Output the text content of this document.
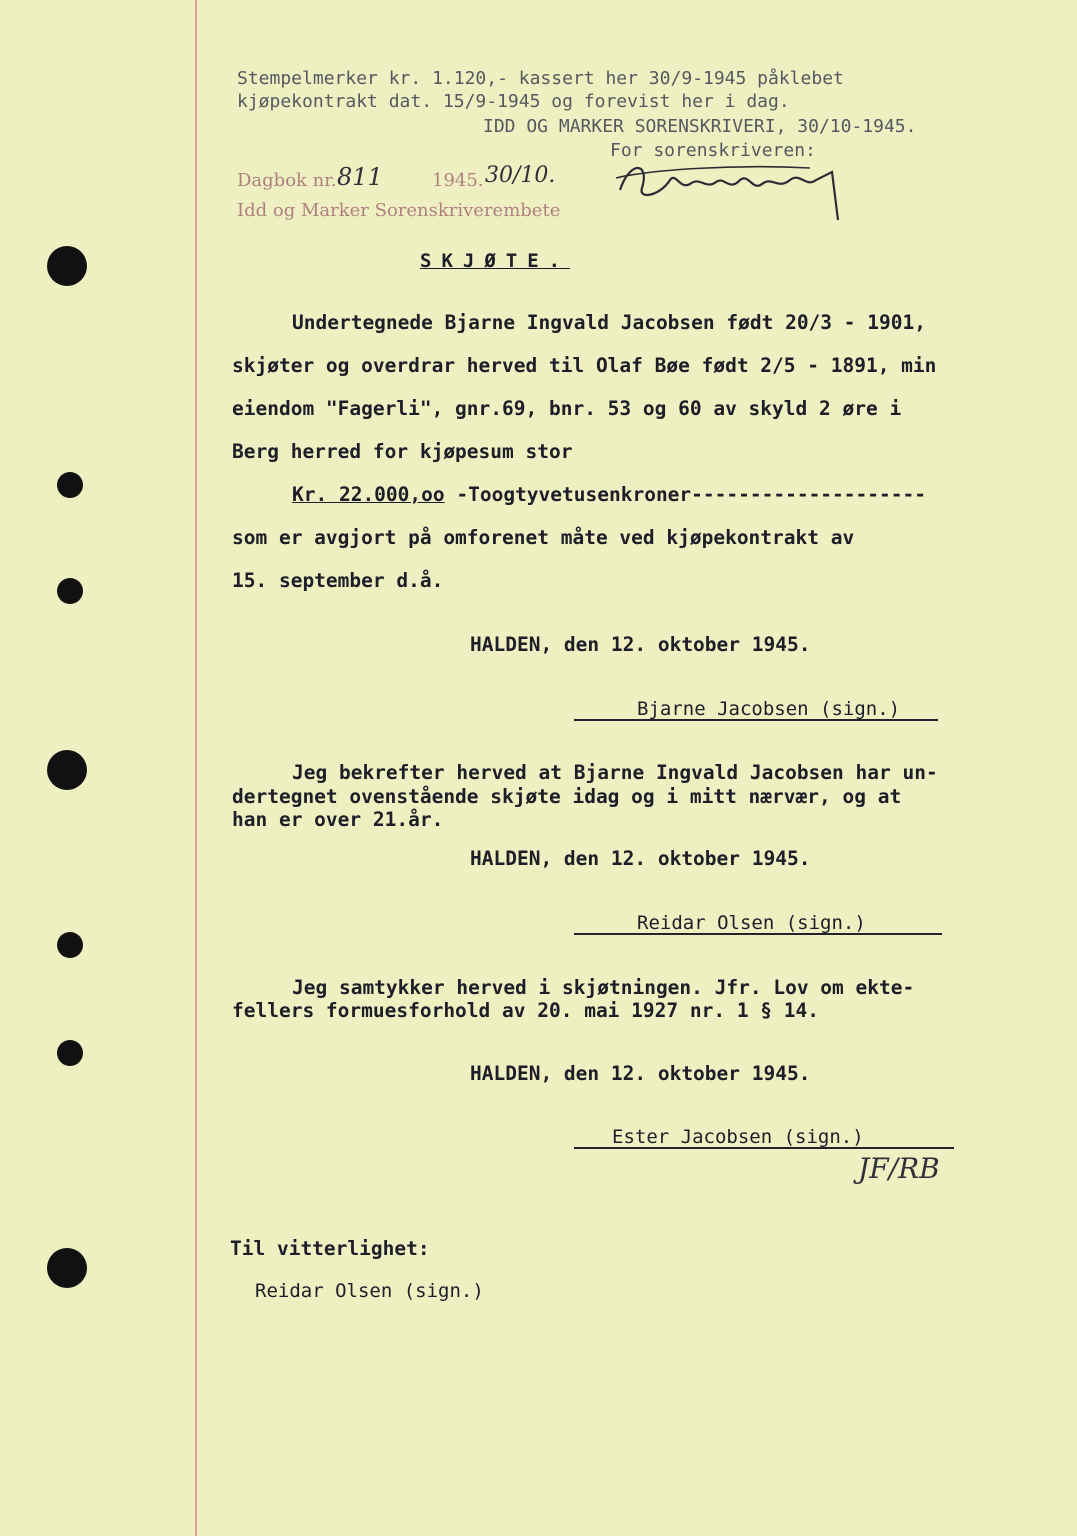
Stempelmerker kr. 1.120,- kassert her 30/9-1945 påklebet
kjøpekontrakt dat. 15/9-1945 og forevist her i dag.
IDD OG MARKER SORENSKRIVERI, 30/10-1945.
For sorenskriveren:
Dagbok nr. 811	1945. 30/10.
Idd og Marker Sorenskriverembete
SKJØTE.
Undertegnede Bjarne Ingvald Jacobsen født 20/3 - 1901,
skjøter og overdrar herved til Olaf Bøe født 2/5 - 1891, min
eiendom "Fagerli", gnr.69, bnr. 53 og 60 av skyld 2 øre i
Berg herred for kjøpesum stor
Kr. 22.000,oo -Toogtyvetusenkroner--------------------
som er avgjort på omforenet måte ved kjøpekontrakt av
15. september d.å.
HALDEN, den 12. oktober 1945.
Bjarne Jacobsen (sign.)
Jeg bekrefter herved at Bjarne Ingvald Jacobsen har un-
dertegnet ovenstående skjøte idag og i mitt nærvær, og at
han er over 21.år.
HALDEN, den 12. oktober 1945.
Reidar Olsen (sign.)
Jeg samtykker herved i skjøtningen. Jfr. Lov om ekte-
fellers formuesforhold av 20. mai 1927 nr. 1 § 14.
HALDEN, den 12. oktober 1945.
Ester Jacobsen (sign.)
JF/RB
Til vitterlighet:
Reidar Olsen (sign.)
